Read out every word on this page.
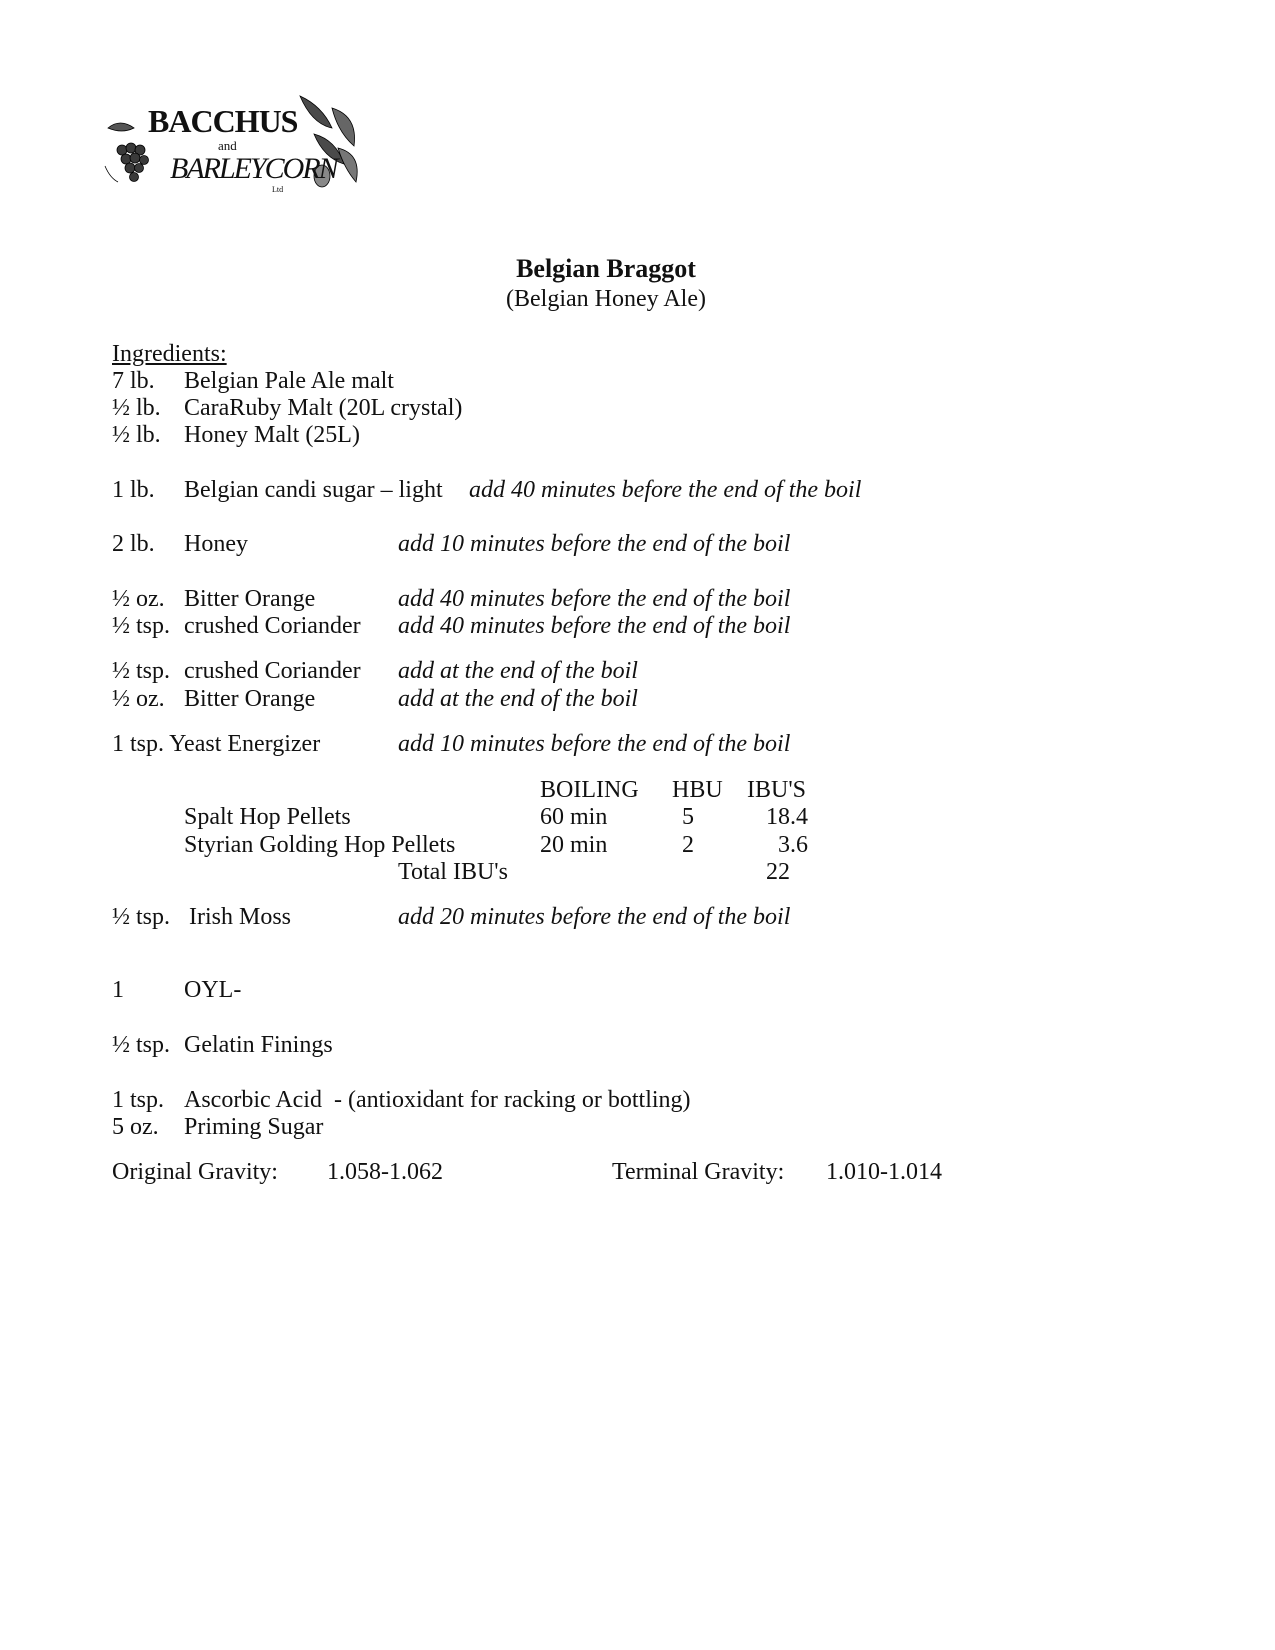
BACCHUS
and
BARLEYCORN
Ltd
Belgian Braggot
(Belgian Honey Ale)
Ingredients:
7 lb. Belgian Pale Ale malt
½ lb. CaraRuby Malt (20L crystal)
½ lb. Honey Malt (25L)
1 lb. Belgian candi sugar – light add 40 minutes before the end of the boil
2 lb. Honey	add 10 minutes before the end of the boil
½ oz. Bitter Orange	add 40 minutes before the end of the boil
½ tsp. crushed Coriander add 40 minutes before the end of the boil
½ tsp. crushed Coriander add at the end of the boil
½ oz. Bitter Orange	add at the end of the boil
1 tsp. Yeast Energizer	add 10 minutes before the end of the boil
BOILING HBU IBU'S
Spalt Hop Pellets	60 min	5	18.4
Styrian Golding Hop Pellets	20 min	2	3.6
Total IBU's	22
½ tsp. Irish Moss	add 20 minutes before the end of the boil
1	OYL-
½ tsp. Gelatin Finings
1 tsp. Ascorbic Acid  - (antioxidant for racking or bottling)
5 oz. Priming Sugar
Original Gravity: 1.058-1.062	Terminal Gravity: 1.010-1.014
